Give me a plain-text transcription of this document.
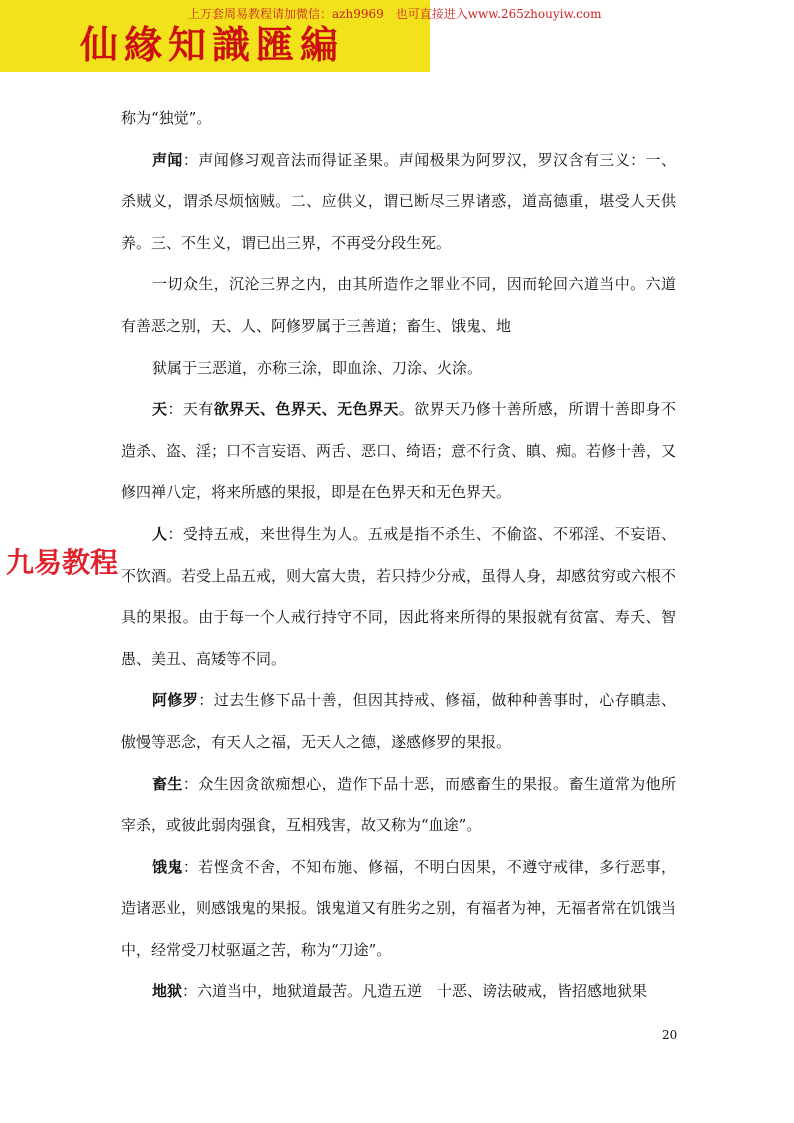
仙緣知識匯編
上万套周易教程请加微信：azh9969　也可直接进入www.265zhouyiw.com

称为“独觉”。

声闻：声闻修习观音法而得证圣果。声闻极果为阿罗汉，罗汉含有三义：一、杀贼义，谓杀尽烦恼贼。二、应供义，谓已断尽三界诸惑，道高德重，堪受人天供养。三、不生义，谓已出三界，不再受分段生死。

一切众生，沉沦三界之内，由其所造作之罪业不同，因而轮回六道当中。六道有善恶之别，天、人、阿修罗属于三善道；畜生、饿鬼、地

狱属于三恶道，亦称三涂，即血涂、刀涂、火涂。

天：天有欲界天、色界天、无色界天。欲界天乃修十善所感，所谓十善即身不造杀、盗、淫；口不言妄语、两舌、恶口、绮语；意不行贪、瞋、痴。若修十善，又修四禅八定，将来所感的果报，即是在色界天和无色界天。

人：受持五戒，来世得生为人。五戒是指不杀生、不偷盗、不邪淫、不妄语、不饮酒。若受上品五戒，则大富大贵，若只持少分戒，虽得人身，却感贫穷或六根不具的果报。由于每一个人戒行持守不同，因此将来所得的果报就有贫富、寿夭、智愚、美丑、高矮等不同。

阿修罗：过去生修下品十善，但因其持戒、修福，做种种善事时，心存瞋恚、傲慢等恶念，有天人之福，无天人之德，遂感修罗的果报。

畜生：众生因贪欲痴想心，造作下品十恶，而感畜生的果报。畜生道常为他所宰杀，或彼此弱肉强食，互相残害，故又称为“血途”。

饿鬼：若悭贪不舍，不知布施、修福，不明白因果，不遵守戒律，多行恶事，造诸恶业，则感饿鬼的果报。饿鬼道又有胜劣之别，有福者为神，无福者常在饥饿当中，经常受刀杖驱逼之苦，称为“刀途”。

地狱：六道当中，地狱道最苦。凡造五逆　十恶、谤法破戒，皆招感地狱果

九易教程
20
